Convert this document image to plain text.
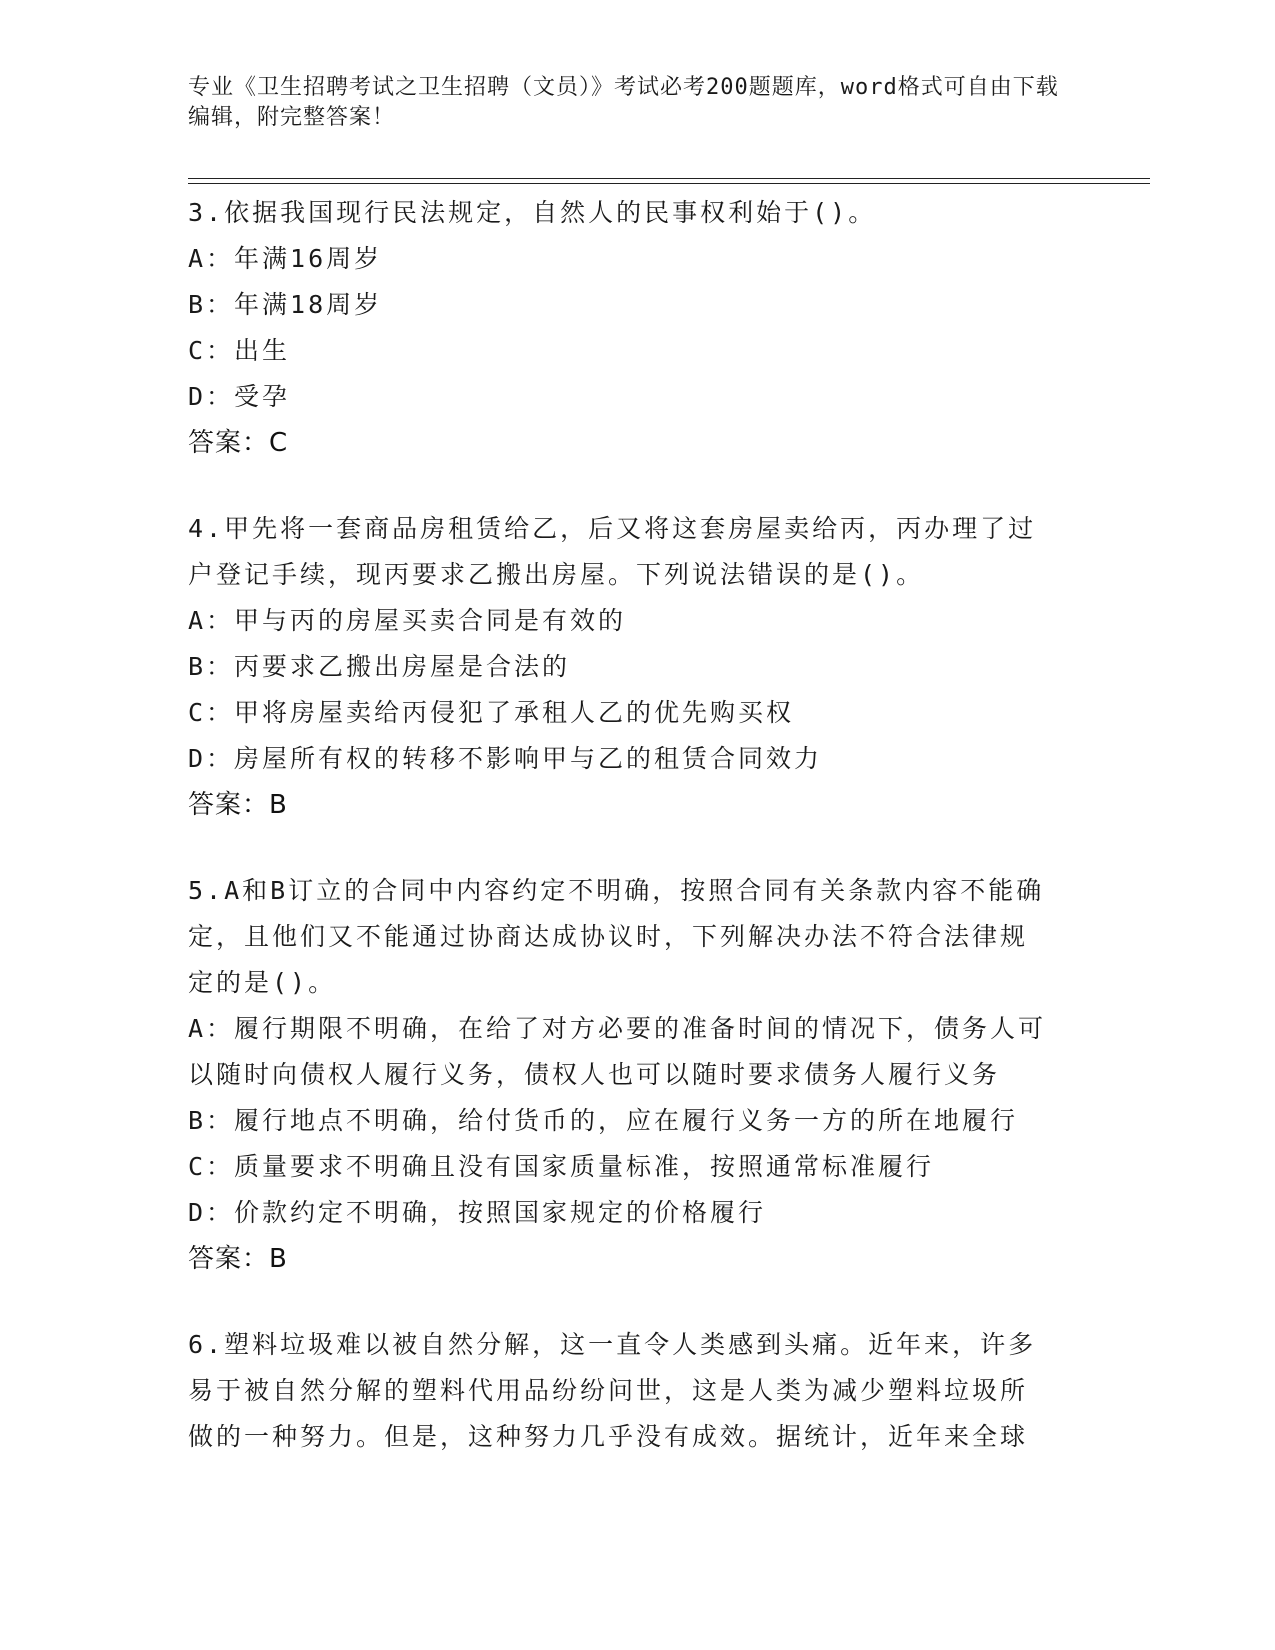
专业《卫生招聘考试之卫生招聘（文员）》考试必考200题题库，word格式可自由下载编辑，附完整答案！
3.依据我国现行民法规定，自然人的民事权利始于()。
A：年满16周岁
B：年满18周岁
C：出生
D：受孕
答案：C
4.甲先将一套商品房租赁给乙，后又将这套房屋卖给丙，丙办理了过
户登记手续，现丙要求乙搬出房屋。下列说法错误的是()。
A：甲与丙的房屋买卖合同是有效的
B：丙要求乙搬出房屋是合法的
C：甲将房屋卖给丙侵犯了承租人乙的优先购买权
D：房屋所有权的转移不影响甲与乙的租赁合同效力
答案：B
5.A和B订立的合同中内容约定不明确，按照合同有关条款内容不能确
定，且他们又不能通过协商达成协议时，下列解决办法不符合法律规
定的是()。
A：履行期限不明确，在给了对方必要的准备时间的情况下，债务人可
以随时向债权人履行义务，债权人也可以随时要求债务人履行义务
B：履行地点不明确，给付货币的，应在履行义务一方的所在地履行
C：质量要求不明确且没有国家质量标准，按照通常标准履行
D：价款约定不明确，按照国家规定的价格履行
答案：B
6.塑料垃圾难以被自然分解，这一直令人类感到头痛。近年来，许多
易于被自然分解的塑料代用品纷纷问世，这是人类为减少塑料垃圾所
做的一种努力。但是，这种努力几乎没有成效。据统计，近年来全球
